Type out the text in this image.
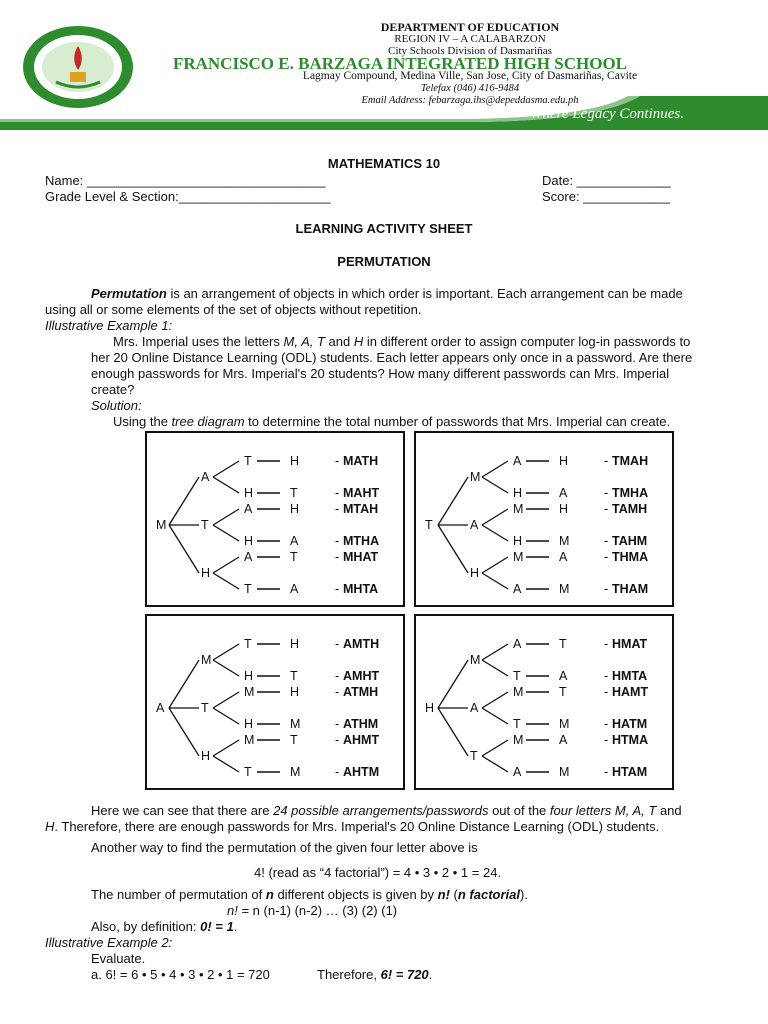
DEPARTMENT OF EDUCATION
REGION IV – A CALABARZON
City Schools Division of Dasmariñas
FRANCISCO E. BARZAGA INTEGRATED HIGH SCHOOL
Lagmay Compound, Medina Ville, San Jose, City of Dasmariñas, Cavite
Telefax (046) 416-9484
Email Address: febarzaga.ihs@depeddasma.edu.ph
Where Legacy Continues.
MATHEMATICS 10
Name: _________________________________	Date: _____________
Grade Level & Section:_____________________	Score: ____________
LEARNING ACTIVITY SHEET
PERMUTATION
Permutation is an arrangement of objects in which order is important. Each arrangement can be made
using all or some elements of the set of objects without repetition.
Illustrative Example 1:
Mrs. Imperial uses the letters M, A, T and H in different order to assign computer log-in passwords to
her 20 Online Distance Learning (ODL) students. Each letter appears only once in a password. Are there
enough passwords for Mrs. Imperial's 20 students? How many different passwords can Mrs. Imperial
create?
Solution:
Using the tree diagram to determine the total number of passwords that Mrs. Imperial can create.
M
A
T
H
T	H	- MATH
H	T	- MAHT
A	H	- MTAH
H	A	- MTHA
A	T	- MHAT
T	A	- MHTA
T
M
A
H
A	H	- TMAH
H	A	- TMHA
M	H	- TAMH
H	M	- TAHM
M	A	- THMA
A	M	- THAM
A
M
T
H
T	H	- AMTH
H	T	- AMHT
M	H	- ATMH
H	M	- ATHM
M	T	- AHMT
T	M	- AHTM
H
M
A
T
A	T	- HMAT
T	A	- HMTA
M	T	- HAMT
T	M	- HATM
M	A	- HTMA
A	M	- HTAM
Here we can see that there are 24 possible arrangements/passwords out of the four letters M, A, T and
H. Therefore, there are enough passwords for Mrs. Imperial's 20 Online Distance Learning (ODL) students.
Another way to find the permutation of the given four letter above is
4! (read as “4 factorial”) = 4 • 3 • 2 • 1 = 24.
The number of permutation of n different objects is given by n! (n factorial).
n! = n (n-1) (n-2) … (3) (2) (1)
Also, by definition: 0! = 1.
Illustrative Example 2:
Evaluate.
a. 6! = 6 • 5 • 4 • 3 • 2 • 1 = 720	Therefore, 6! = 720.
